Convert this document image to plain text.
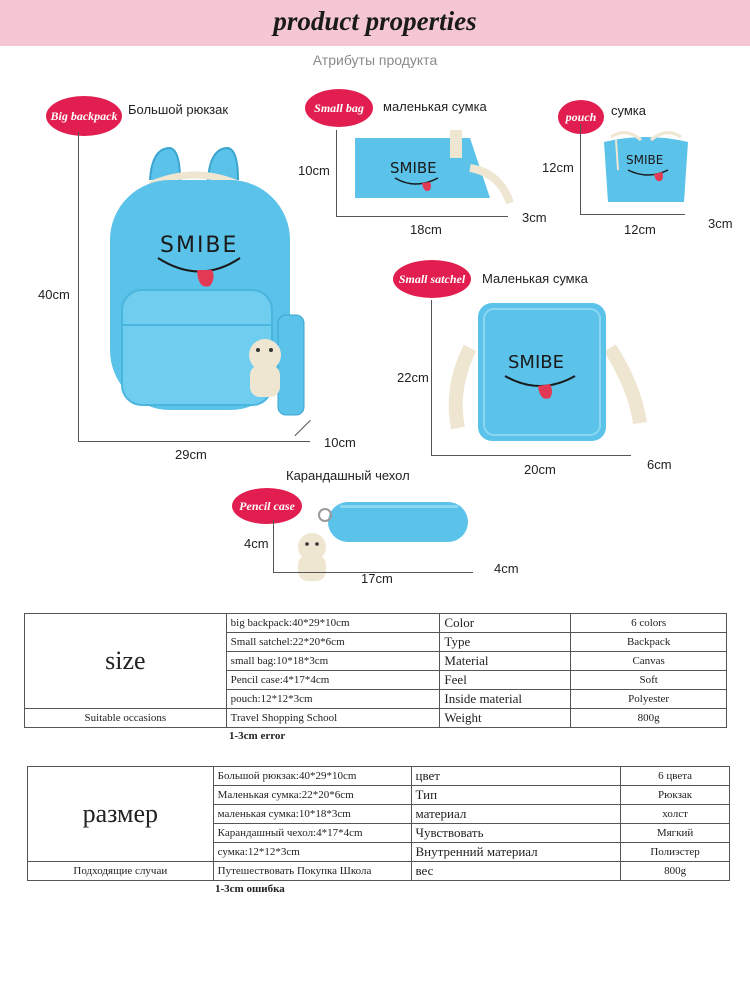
product properties
Атрибуты продукта
Big backpack Большой рюкзак
SMIBE
40cm
29cm
10cm
Small bag	маленькая сумка
SMIBE
10cm
18cm
3cm
pouch	сумка
SMIBE
12cm
12cm	3cm
Small satchel	Маленькая сумка
SMIBE
22cm
20cm	6cm
Карандашный чехол
Pencil case
4cm
17cm
4cm
size	big backpack:40*29*10cm	Color	6 colors
	Small satchel:22*20*6cm	Type	Backpack
	small bag:10*18*3cm	Material	Canvas
	Pencil case:4*17*4cm	Feel	Soft
	pouch:12*12*3cm	Inside material	Polyester
Suitable occasions	Travel Shopping School	Weight	800g
1-3cm error
размер	Большой рюкзак:40*29*10cm	цвет	6 цвета
	Маленькая сумка:22*20*6cm	Тип	Рюкзак
	маленькая сумка:10*18*3cm	материал	холст
	Карандашный чехол:4*17*4cm	Чувствовать	Мягкий
	сумка:12*12*3cm	Внутренний материал	Полиэстер
Подходящие случаи	Путешествовать Покупка Школа	вес	800g
1-3cm ошибка
